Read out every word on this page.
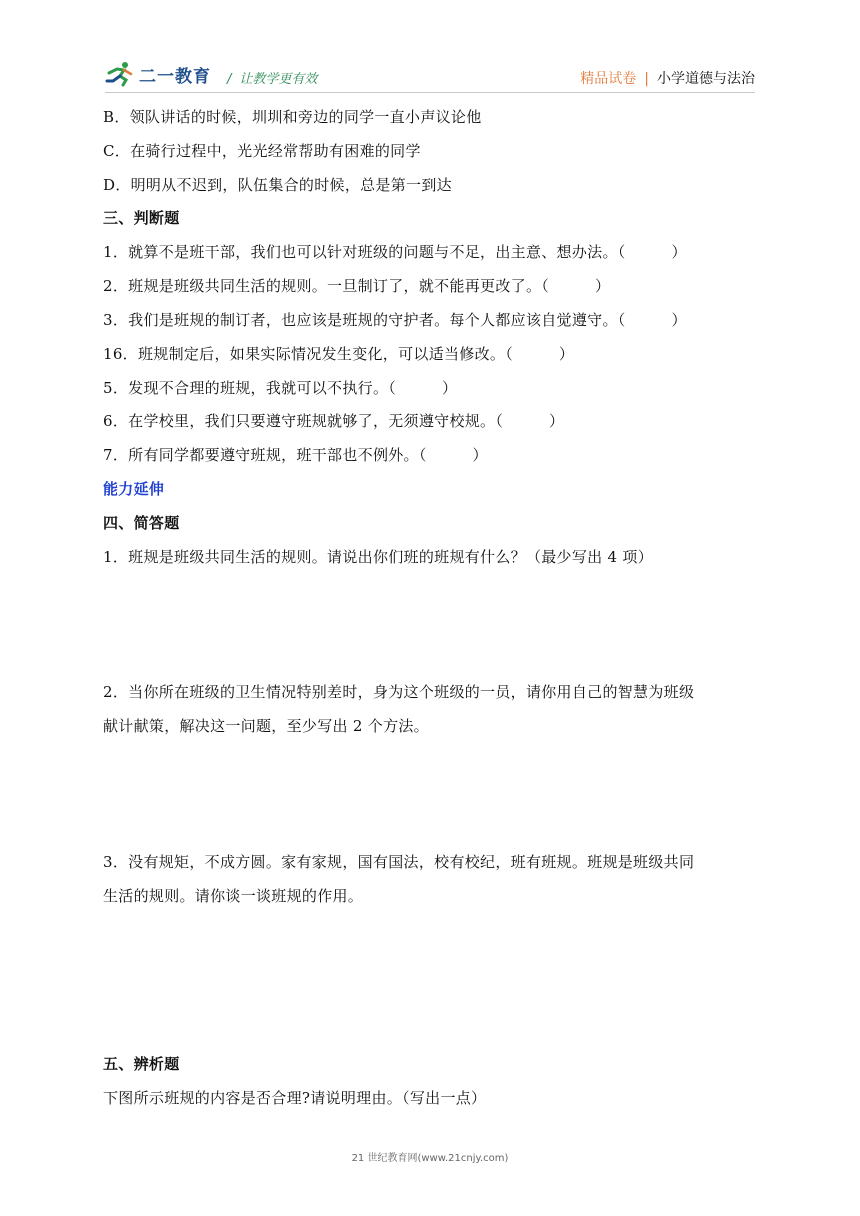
二一教育 / 让教学更有效	精品试卷 | 小学道德与法治
B．领队讲话的时候，圳圳和旁边的同学一直小声议论他
C．在骑行过程中，光光经常帮助有困难的同学
D．明明从不迟到，队伍集合的时候，总是第一到达
三、判断题
1．就算不是班干部，我们也可以针对班级的问题与不足，出主意、想办法。（　　　）
2．班规是班级共同生活的规则。一旦制订了，就不能再更改了。（　　　）
3．我们是班规的制订者，也应该是班规的守护者。每个人都应该自觉遵守。（　　　）
16．班规制定后，如果实际情况发生变化，可以适当修改。（　　　）
5．发现不合理的班规，我就可以不执行。（　　　）
6．在学校里，我们只要遵守班规就够了，无须遵守校规。（　　　）
7．所有同学都要遵守班规，班干部也不例外。（　　　）
能力延伸
四、简答题
1．班规是班级共同生活的规则。请说出你们班的班规有什么？（最少写出 4 项）
2．当你所在班级的卫生情况特别差时，身为这个班级的一员，请你用自己的智慧为班级
献计献策，解决这一问题，至少写出 2 个方法。
3．没有规矩，不成方圆。家有家规，国有国法，校有校纪，班有班规。班规是班级共同
生活的规则。请你谈一谈班规的作用。
五、辨析题
下图所示班规的内容是否合理?请说明理由。（写出一点）
21 世纪教育网(www.21cnjy.com)
